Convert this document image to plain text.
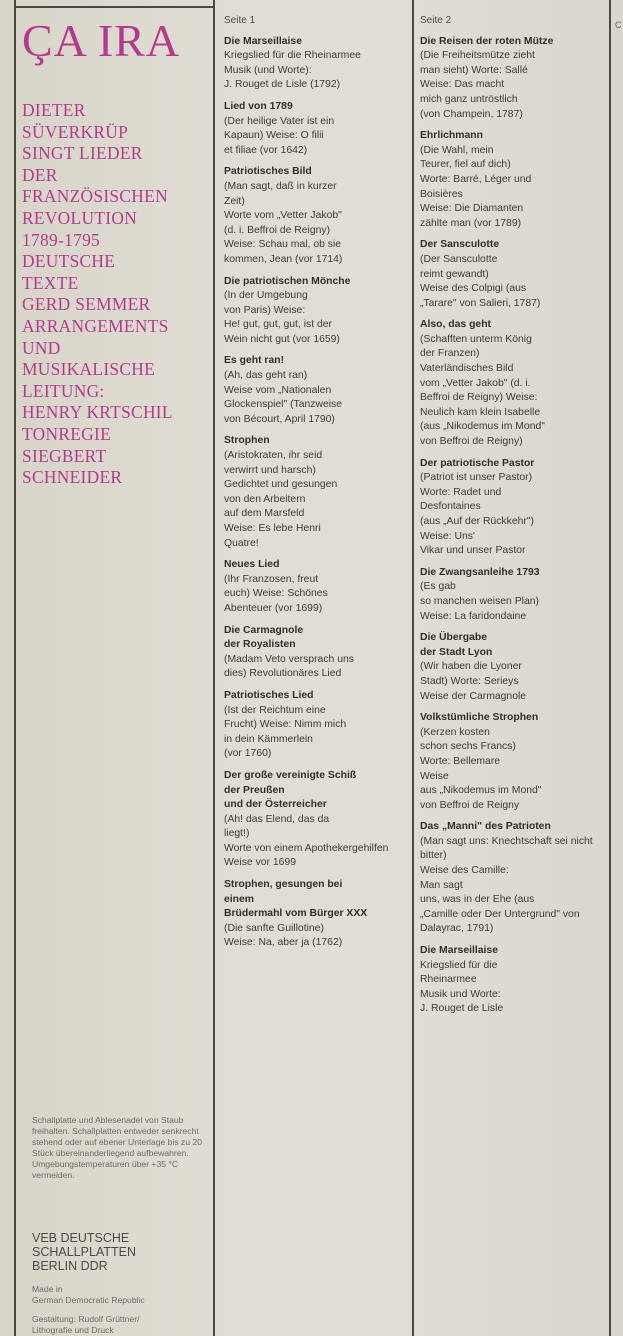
ÇA IRA
DIETER
SÜVERKRÜP
SINGT LIEDER
DER
FRANZÖSISCHEN
REVOLUTION
1789-1795
DEUTSCHE
TEXTE
GERD SEMMER
ARRANGEMENTS
UND
MUSIKALISCHE
LEITUNG:
HENRY KRTSCHIL
TONREGIE
SIEGBERT
SCHNEIDER
Schallplatte und Ablesenadel von Staub freihalten. Schallplatten entweder senkrecht stehend oder auf ebener Unterlage bis zu 20 Stück übereinanderliegend aufbewahren. Umgebungstemperaturen über +35 °C vermeiden.
VEB DEUTSCHE
SCHALLPLATTEN
BERLIN DDR
Made in
German Democratic Republic
Gestaltung: Rudolf Grüttner/
Lithografie und Druck
Seite 1
Die Marseillaise
Kriegslied für die Rheinarmee
Musik (und Worte):
J. Rouget de Lisle (1792)
Lied von 1789
(Der heilige Vater ist ein
Kapaun) Weise: O filii
et filiae (vor 1642)
Patriotisches Bild
(Man sagt, daß in kurzer
Zeit)
Worte vom „Vetter Jakob"
(d. i. Beffroi de Reigny)
Weise: Schau mal, ob sie
kommen, Jean (vor 1714)
Die patriotischen Mönche
(In der Umgebung
von Paris) Weise:
He! gut, gut, gut, ist der
Wein nicht gut (vor 1659)
Es geht ran!
(Ah, das geht ran)
Weise vom „Nationalen
Glockenspiel" (Tanzweise
von Bécourt, April 1790)
Strophen
(Aristokraten, ihr seid
verwirrt und harsch)
Gedichtet und gesungen
von den Arbeitern
auf dem Marsfeld
Weise: Es lebe Henri
Quatre!
Neues Lied
(Ihr Franzosen, freut
euch) Weise: Schönes
Abenteuer (vor 1699)
Die Carmagnole
der Royalisten
(Madam Veto versprach uns
dies) Revolutionäres Lied
Patriotisches Lied
(Ist der Reichtum eine
Frucht) Weise: Nimm mich
in dein Kämmerlein
(vor 1760)
Der große vereinigte Schiß
der Preußen
und der Österreicher
(Ah! das Elend, das da
liegt!)
Worte von einem Apothekergehilfen
Weise vor 1699
Strophen, gesungen bei
einem
Brüdermahl vom Bürger XXX
(Die sanfte Guillotine)
Weise: Na, aber ja (1762)
Seite 2
Die Reisen der roten Mütze
(Die Freiheitsmütze zieht
man sieht) Worte: Sallé
Weise: Das macht
mich ganz untröstlich
(von Champein, 1787)
Ehrlichmann
(Die Wahl, mein
Teurer, fiel auf dich)
Worte: Barré, Léger und
Boisières
Weise: Die Diamanten
zählte man (vor 1789)
Der Sansculotte
(Der Sansculotte
reimt gewandt)
Weise des Colpigi (aus
„Tarare" von Salieri, 1787)
Also, das geht
(Schafften unterm König
der Franzen)
Vaterländisches Bild
vom „Vetter Jakob" (d. i.
Beffroi de Reigny) Weise:
Neulich kam klein Isabelle
(aus „Nikodemus im Mond"
von Beffroi de Reigny)
Der patriotische Pastor
(Patriot ist unser Pastor)
Worte: Radet und
Desfontaines
(aus „Auf der Rückkehr")
Weise: Uns'
Vikar und unser Pastor
Die Zwangsanleihe 1793
(Es gab
so manchen weisen Plan)
Weise: La faridondaine
Die Übergabe
der Stadt Lyon
(Wir haben die Lyoner
Stadt) Worte: Serieys
Weise der Carmagnole
Volkstümliche Strophen
(Kerzen kosten
schon sechs Francs)
Worte: Bellemare
Weise
aus „Nikodemus im Mond"
von Beffroi de Reigny
Das „Manni" des Patrioten
(Man sagt uns: Knechtschaft sei nicht bitter)
Weise des Camille:
Man sagt
uns, was in der Ehe (aus
„Camille oder Der Untergrund" von Dalayrac, 1791)
Die Marseillaise
Kriegslied für die
Rheinarmee
Musik und Worte:
J. Rouget de Lisle
C
